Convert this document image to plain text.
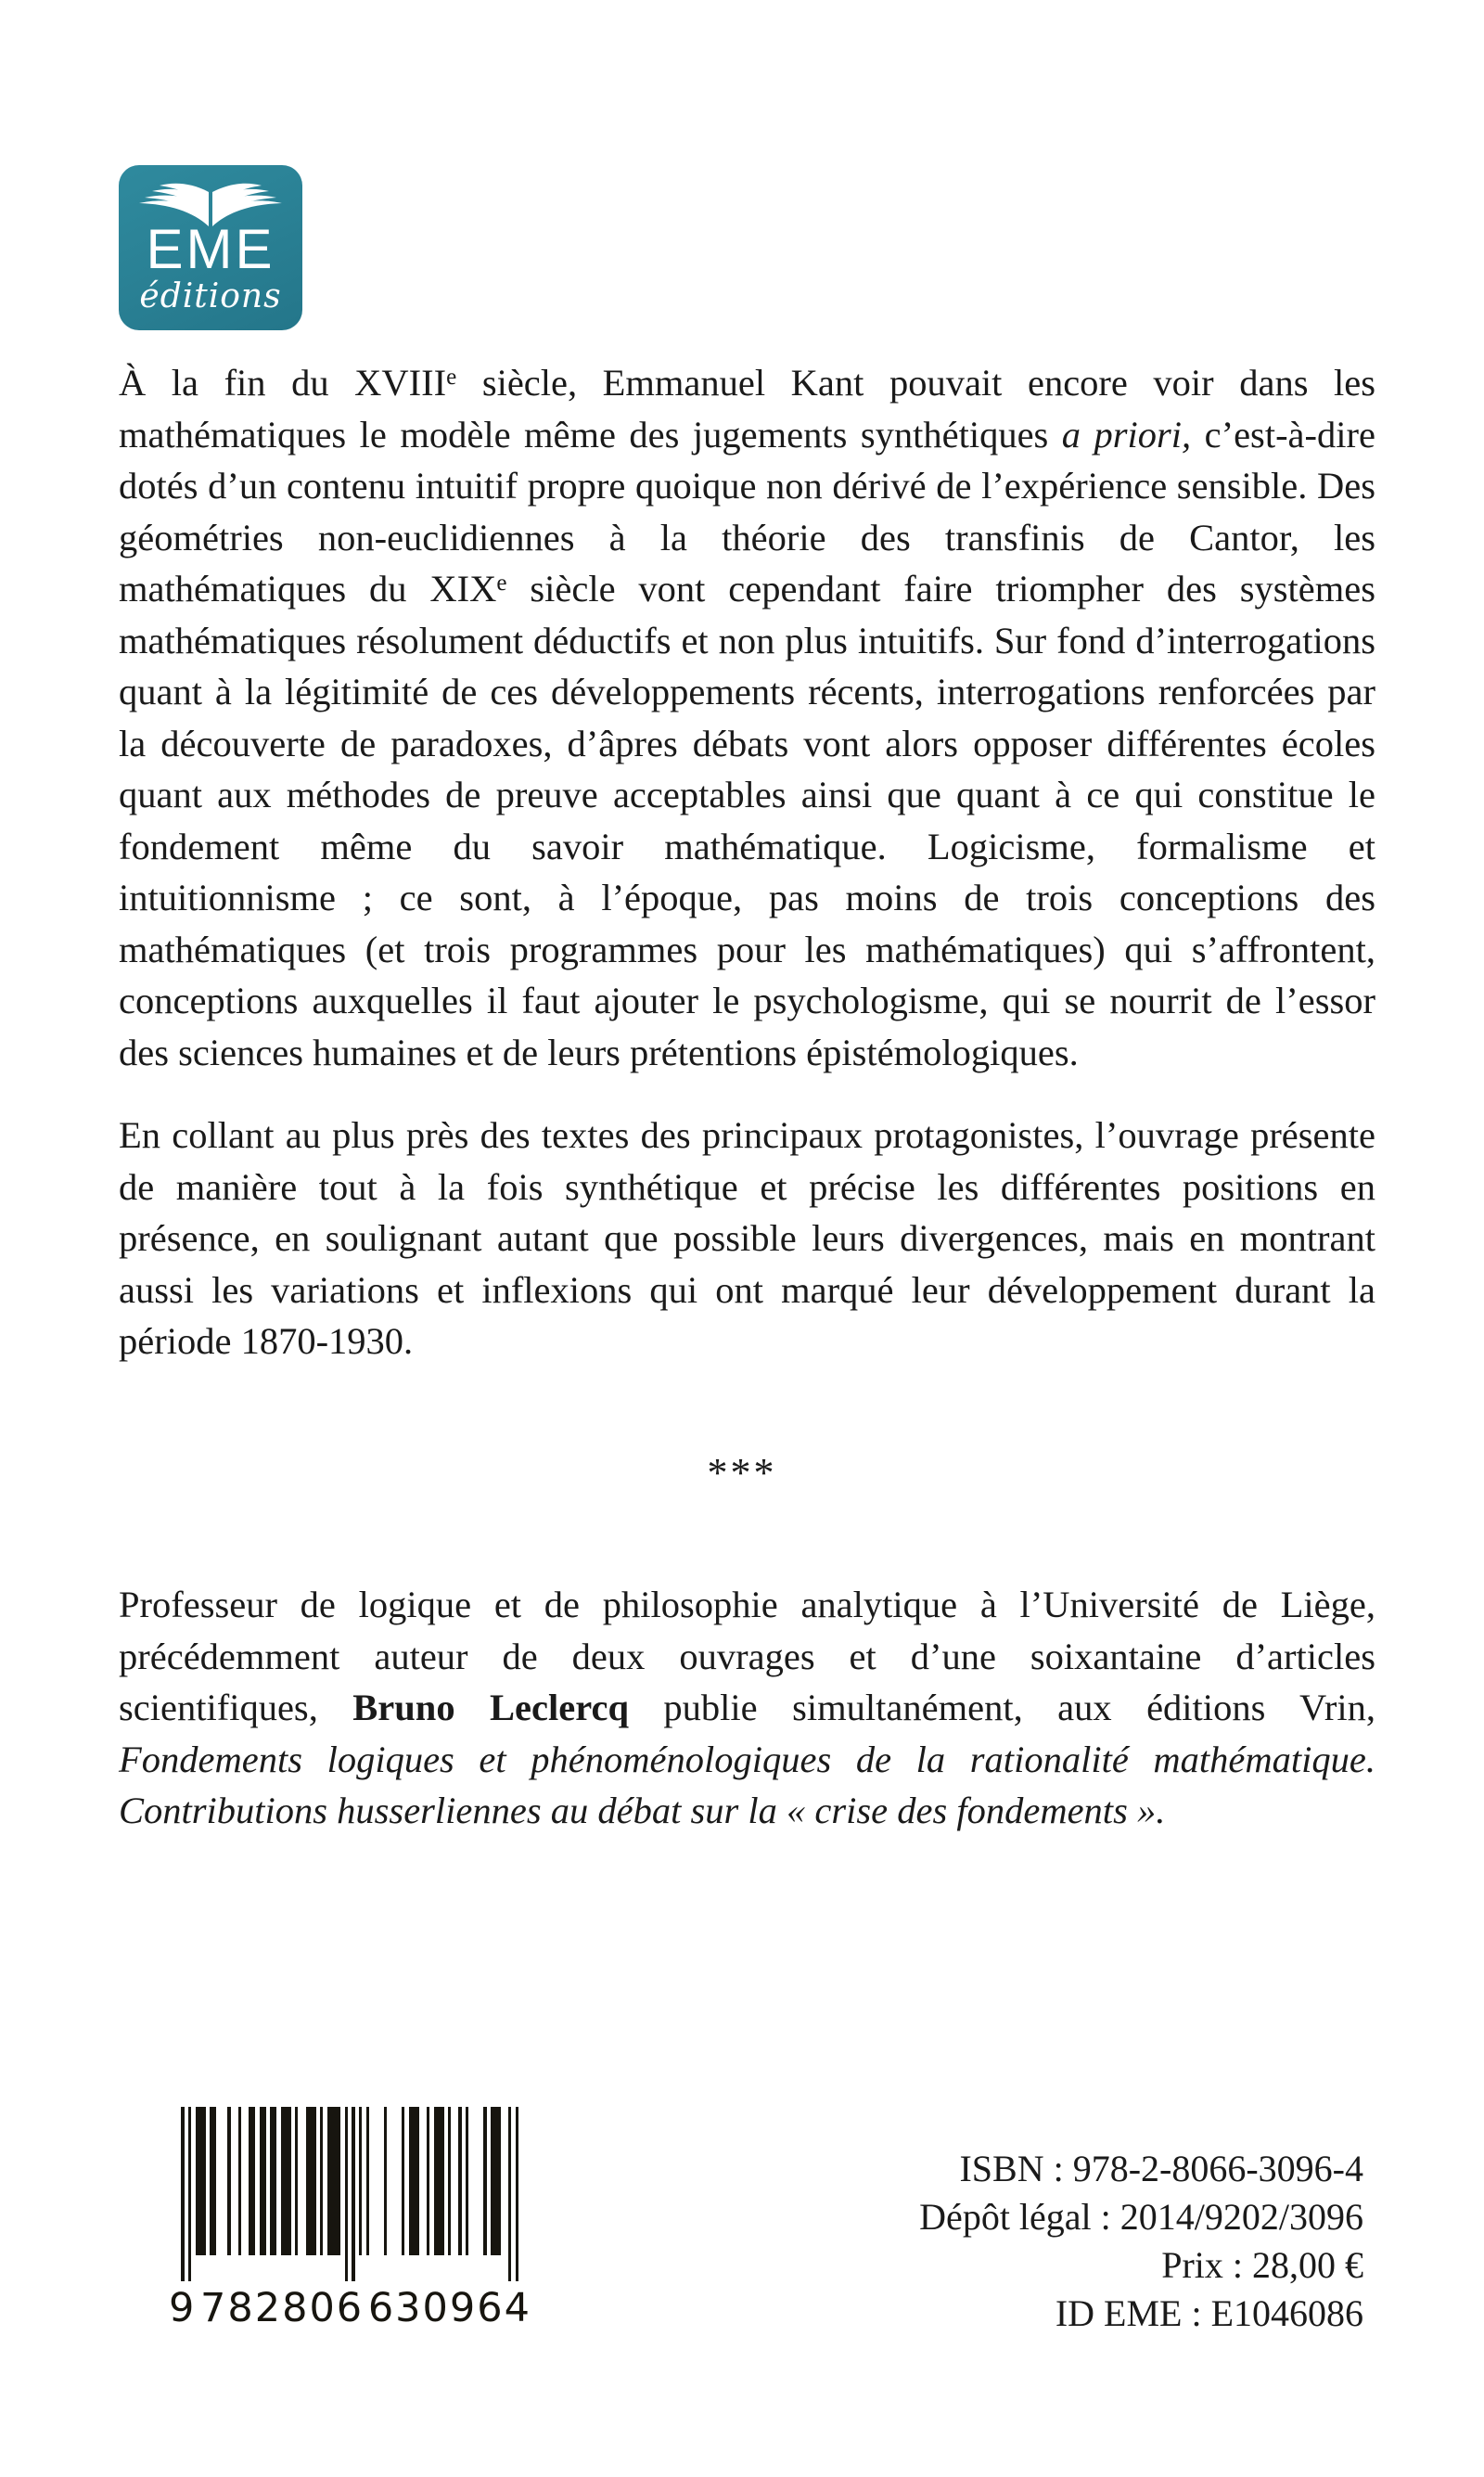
EME
éditions

À la fin du XVIIIe siècle, Emmanuel Kant pouvait encore voir dans les mathématiques le modèle même des jugements synthétiques a priori, c’est-à-dire dotés d’un contenu intuitif propre quoique non dérivé de l’expérience sensible. Des géométries non-euclidiennes à la théorie des transfinis de Cantor, les mathématiques du XIXe siècle vont cependant faire triompher des systèmes mathématiques résolument déductifs et non plus intuitifs. Sur fond d’interrogations quant à la légitimité de ces développements récents, interrogations renforcées par la découverte de paradoxes, d’âpres débats vont alors opposer différentes écoles quant aux méthodes de preuve acceptables ainsi que quant à ce qui constitue le fondement même du savoir mathématique. Logicisme, formalisme et intuitionnisme ; ce sont, à l’époque, pas moins de trois conceptions des mathématiques (et trois programmes pour les mathématiques) qui s’affrontent, conceptions auxquelles il faut ajouter le psychologisme, qui se nourrit de l’essor des sciences humaines et de leurs prétentions épistémologiques.

En collant au plus près des textes des principaux protagonistes, l’ouvrage présente de manière tout à la fois synthétique et précise les différentes positions en présence, en soulignant autant que possible leurs divergences, mais en montrant aussi les variations et inflexions qui ont marqué leur développement durant la période 1870-1930.

***

Professeur de logique et de philosophie analytique à l’Université de Liège, précédemment auteur de deux ouvrages et d’une soixantaine d’articles scientifiques, Bruno Leclercq publie simultanément, aux éditions Vrin, Fondements logiques et phénoménologiques de la rationalité mathématique. Contributions husserliennes au débat sur la « crise des fondements ».

9 782806 630964
ISBN : 978-2-8066-3096-4
Dépôt légal : 2014/9202/3096
Prix : 28,00 €
ID EME : E1046086
